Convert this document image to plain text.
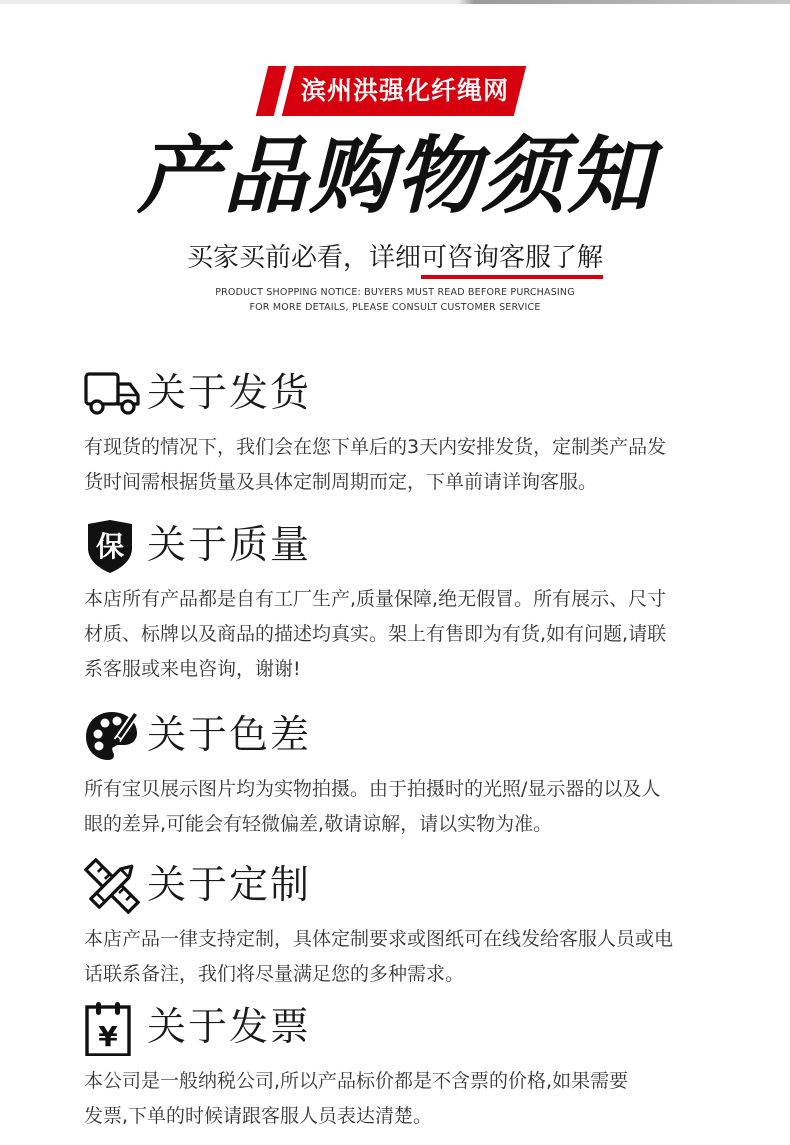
滨州洪强化纤绳网
产品购物须知
买家买前必看，详细可咨询客服了解
PRODUCT SHOPPING NOTICE: BUYERS MUST READ BEFORE PURCHASING
FOR MORE DETAILS, PLEASE CONSULT CUSTOMER SERVICE
关于发货
有现货的情况下，我们会在您下单后的3天内安排发货，定制类产品发
货时间需根据货量及具体定制周期而定，下单前请详询客服。
保 关于质量
本店所有产品都是自有工厂生产,质量保障,绝无假冒。所有展示、尺寸
材质、标牌以及商品的描述均真实。架上有售即为有货,如有问题,请联
系客服或来电咨询，谢谢!
关于色差
所有宝贝展示图片均为实物拍摄。由于拍摄时的光照/显示器的以及人
眼的差异,可能会有轻微偏差,敬请谅解，请以实物为准。
关于定制
本店产品一律支持定制，具体定制要求或图纸可在线发给客服人员或电
话联系备注，我们将尽量满足您的多种需求。
¥ 关于发票
本公司是一般纳税公司,所以产品标价都是不含票的价格,如果需要
发票,下单的时候请跟客服人员表达清楚。
